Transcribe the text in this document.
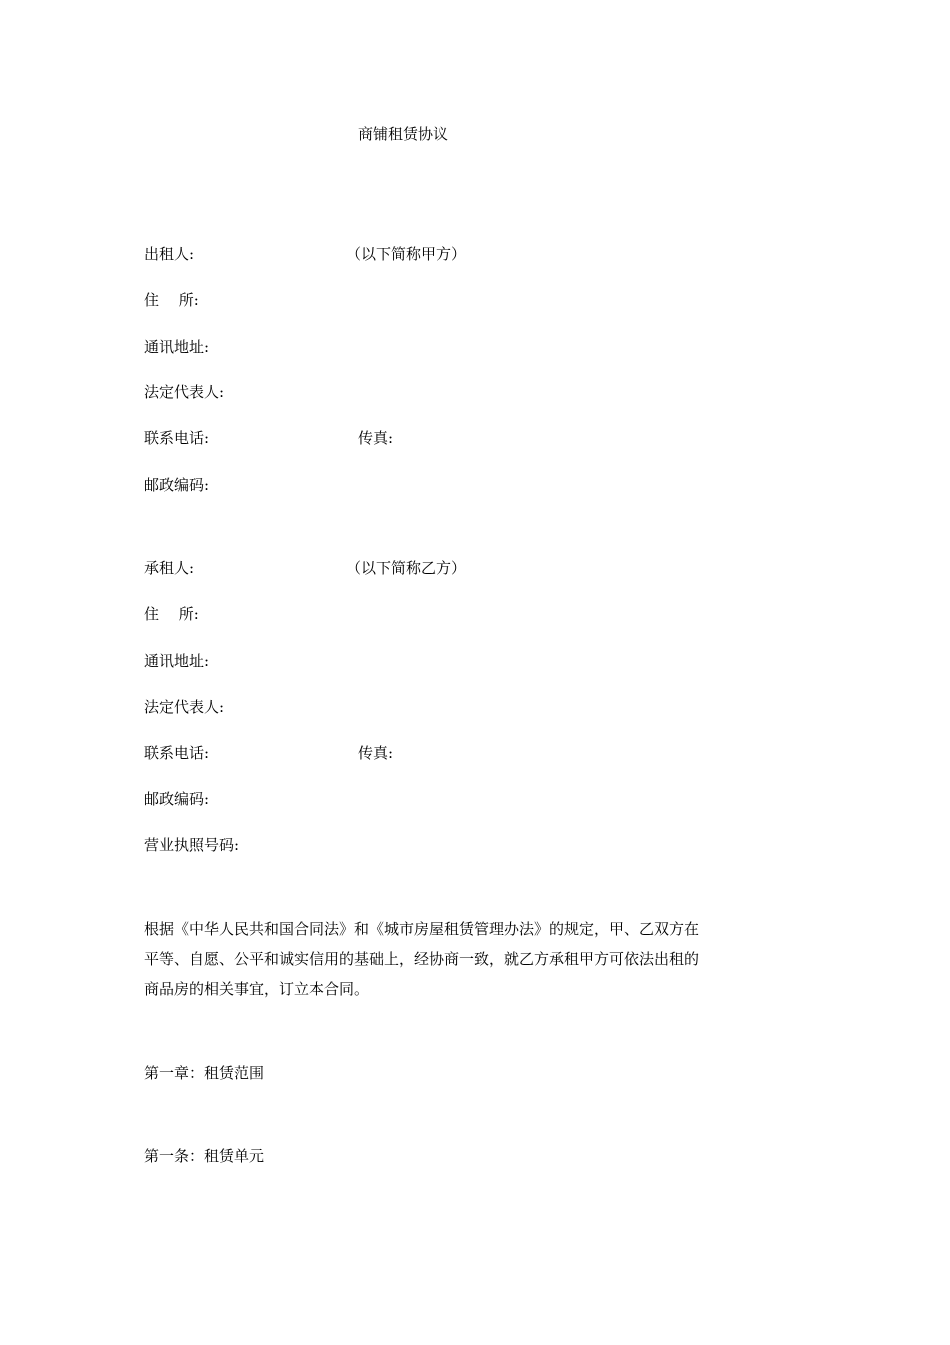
商铺租赁协议
出租人:	（以下简称甲方）
住　 所:
通讯地址:
法定代表人:
联系电话:	传真:
邮政编码:
承租人:	（以下简称乙方）
住　 所:
通讯地址:
法定代表人:
联系电话:	传真:
邮政编码:
营业执照号码:
根据《中华人民共和国合同法》和《城市房屋租赁管理办法》的规定，甲、乙双方在
平等、自愿、公平和诚实信用的基础上，经协商一致，就乙方承租甲方可依法出租的
商品房的相关事宜，订立本合同。
第一章：租赁范围
第一条：租赁单元
